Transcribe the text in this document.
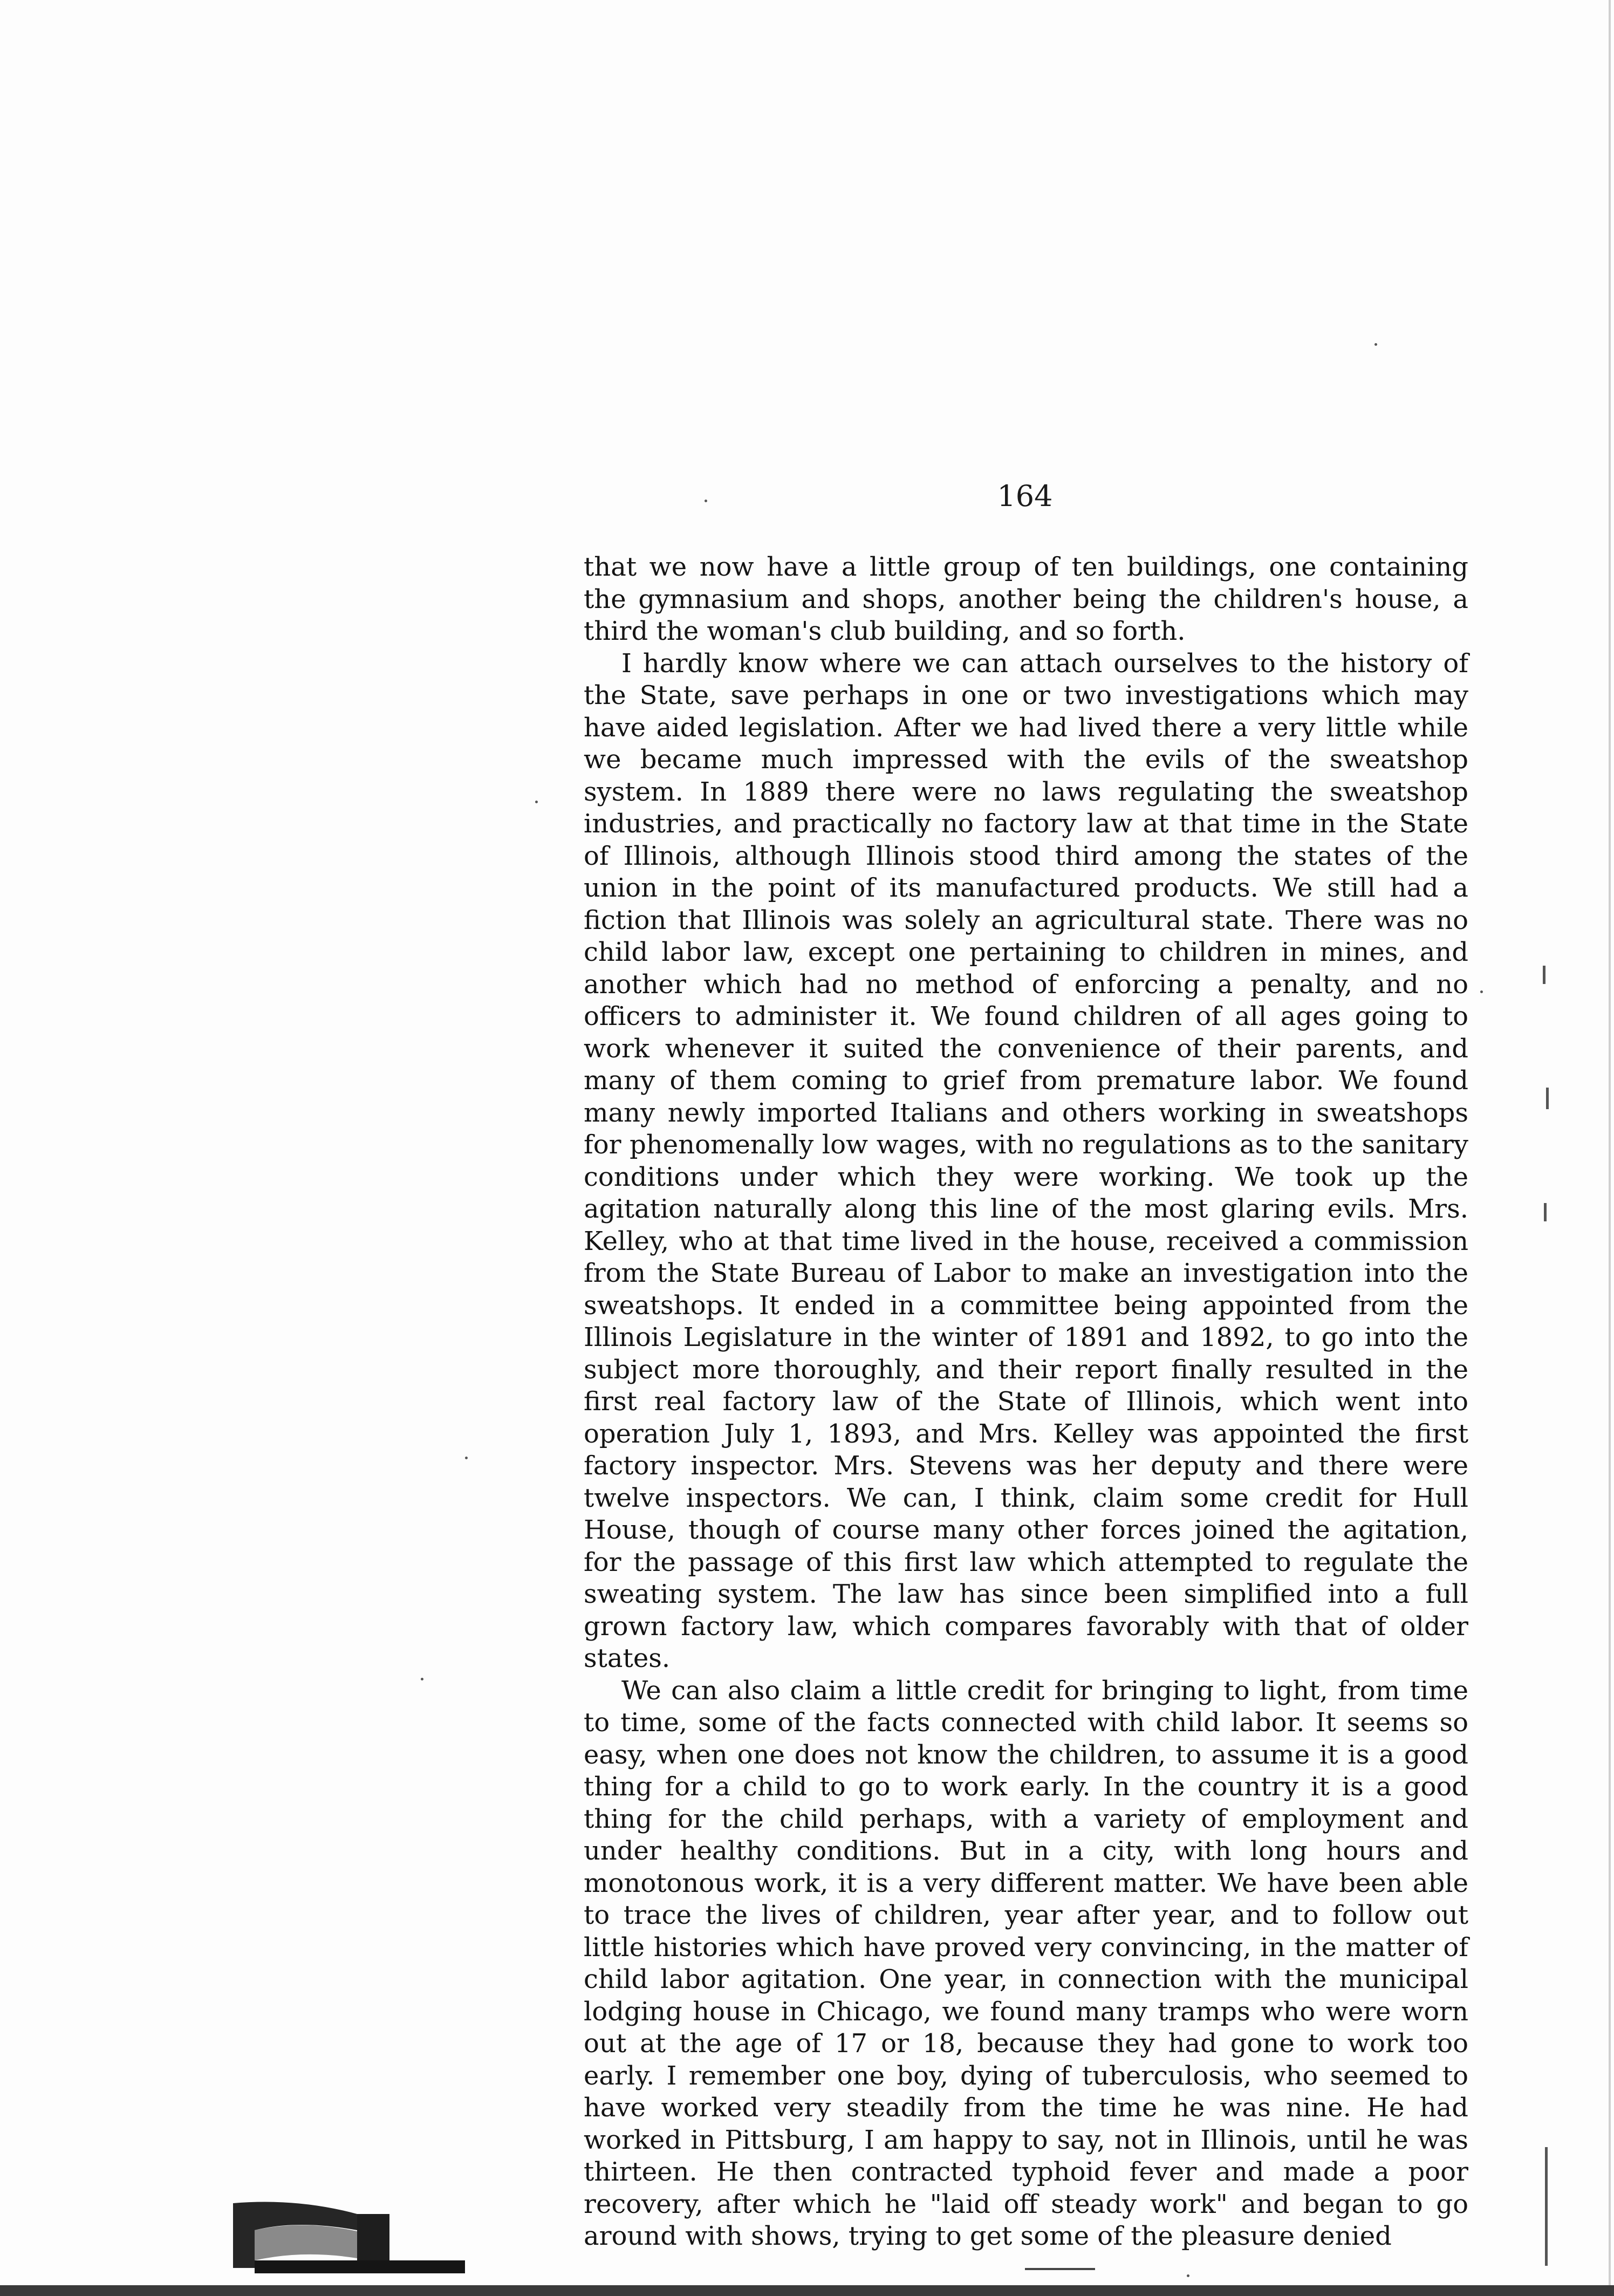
164

that we now have a little group of ten buildings, one containing the gymnasium and shops, another being the children's house, a third the woman's club building, and so forth.

I hardly know where we can attach ourselves to the history of the State, save perhaps in one or two investigations which may have aided legislation. After we had lived there a very little while we became much impressed with the evils of the sweatshop system. In 1889 there were no laws regulating the sweatshop industries, and practically no factory law at that time in the State of Illinois, although Illinois stood third among the states of the union in the point of its manufactured products. We still had a fiction that Illinois was solely an agricultural state. There was no child labor law, except one pertaining to children in mines, and another which had no method of enforcing a penalty, and no officers to administer it. We found children of all ages going to work whenever it suited the convenience of their parents, and many of them coming to grief from premature labor. We found many newly imported Italians and others working in sweatshops for phenomenally low wages, with no regulations as to the sanitary conditions under which they were working. We took up the agitation naturally along this line of the most glaring evils. Mrs. Kelley, who at that time lived in the house, received a commission from the State Bureau of Labor to make an investigation into the sweatshops. It ended in a committee being appointed from the Illinois Legislature in the winter of 1891 and 1892, to go into the subject more thoroughly, and their report finally resulted in the first real factory law of the State of Illinois, which went into operation July 1, 1893, and Mrs. Kelley was appointed the first factory inspector. Mrs. Stevens was her deputy and there were twelve inspectors. We can, I think, claim some credit for Hull House, though of course many other forces joined the agitation, for the passage of this first law which attempted to regulate the sweating system. The law has since been simplified into a full grown factory law, which compares favorably with that of older states.

We can also claim a little credit for bringing to light, from time to time, some of the facts connected with child labor. It seems so easy, when one does not know the children, to assume it is a good thing for a child to go to work early. In the country it is a good thing for the child perhaps, with a variety of employment and under healthy conditions. But in a city, with long hours and monotonous work, it is a very different matter. We have been able to trace the lives of children, year after year, and to follow out little histories which have proved very convincing, in the matter of child labor agitation. One year, in connection with the municipal lodging house in Chicago, we found many tramps who were worn out at the age of 17 or 18, because they had gone to work too early. I remember one boy, dying of tuberculosis, who seemed to have worked very steadily from the time he was nine. He had worked in Pittsburg, I am happy to say, not in Illinois, until he was thirteen. He then contracted typhoid fever and made a poor recovery, after which he "laid off steady work" and began to go around with shows, trying to get some of the pleasure denied
